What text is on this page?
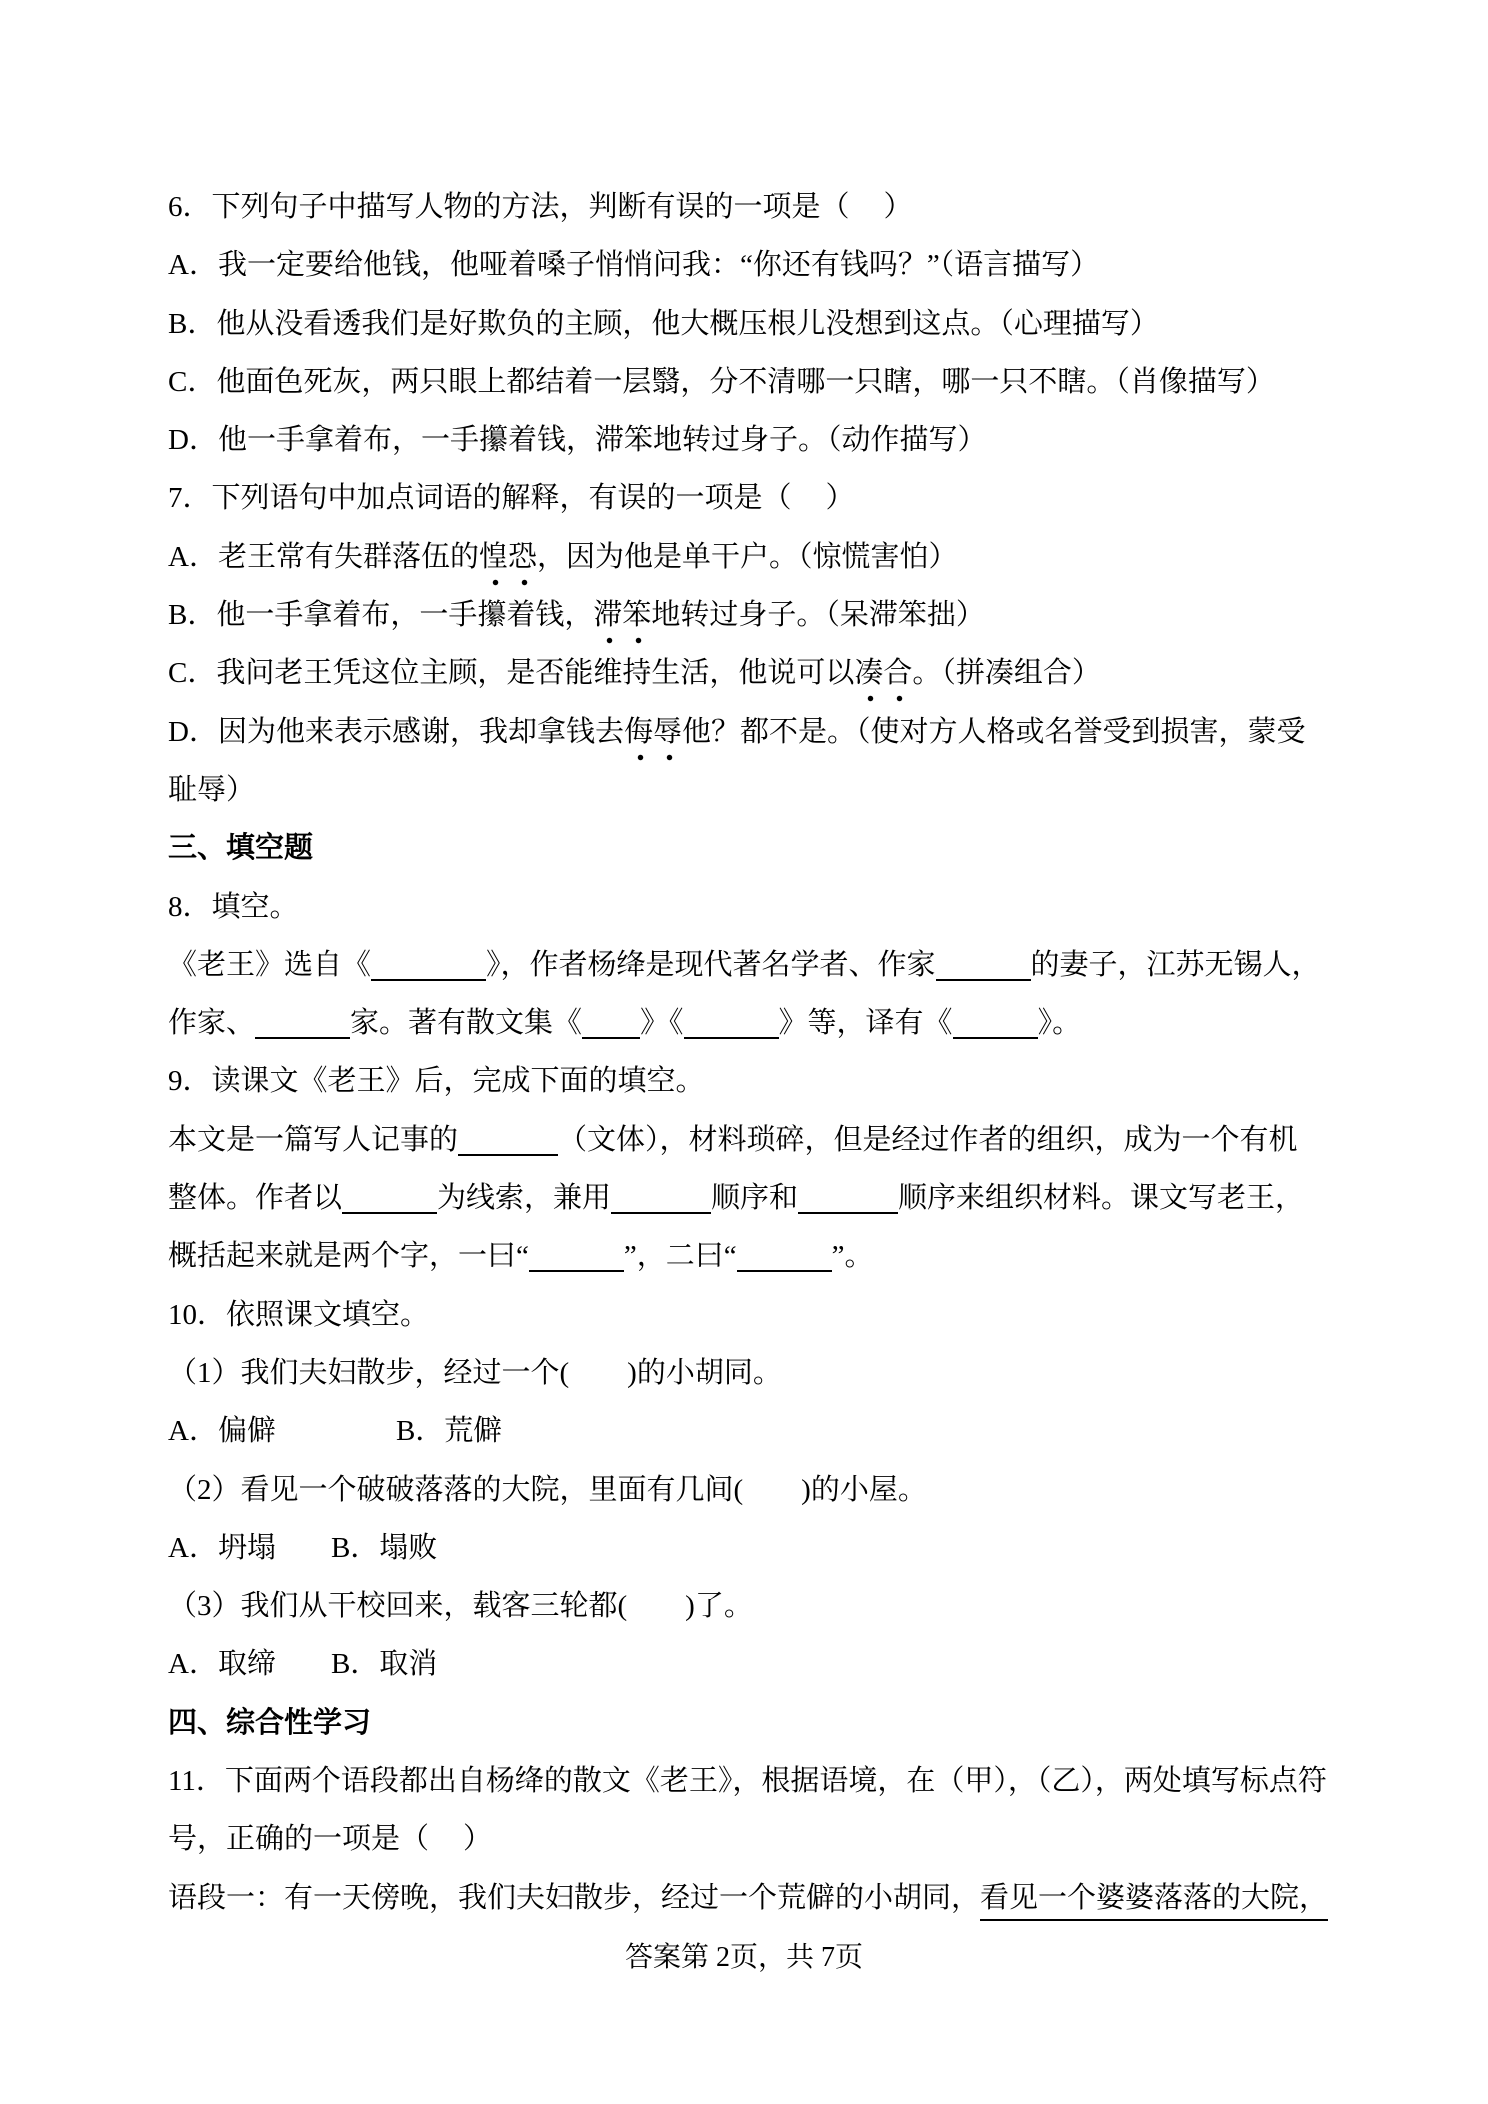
6．下列句子中描写人物的方法，判断有误的一项是（ ）
A．我一定要给他钱，他哑着嗓子悄悄问我：“你还有钱吗？”（语言描写）
B．他从没看透我们是好欺负的主顾，他大概压根儿没想到这点。（心理描写）
C．他面色死灰，两只眼上都结着一层翳，分不清哪一只瞎，哪一只不瞎。（肖像描写）
D．他一手拿着布，一手攥着钱，滞笨地转过身子。（动作描写）
7．下列语句中加点词语的解释，有误的一项是（ ）
A．老王常有失群落伍的惶恐，因为他是单干户。（惊慌害怕）
B．他一手拿着布，一手攥着钱，滞笨地转过身子。（呆滞笨拙）
C．我问老王凭这位主顾，是否能维持生活，他说可以凑合。（拼凑组合）
D．因为他来表示感谢，我却拿钱去侮辱他？都不是。（使对方人格或名誉受到损害，蒙受
耻辱）
三、填空题
8．填空。
《老王》选自《	》，作者杨绛是现代著名学者、作家	的妻子，江苏无锡人，
作家、	家。著有散文集《 》《	》等，译有《	》。
9．读课文《老王》后，完成下面的填空。
本文是一篇写人记事的	（文体），材料琐碎，但是经过作者的组织，成为一个有机
整体。作者以	为线索，兼用	顺序和	顺序来组织材料。课文写老王，
概括起来就是两个字，一曰“	”，二曰“	”。
10．依照课文填空。
（1）我们夫妇散步，经过一个( )的小胡同。
A．偏僻	B．荒僻
（2）看见一个破破落落的大院，里面有几间( )的小屋。
A．坍塌 B．塌败
（3）我们从干校回来，载客三轮都( )了。
A．取缔 B．取消
四、综合性学习
11．下面两个语段都出自杨绛的散文《老王》，根据语境，在（甲），（乙），两处填写标点符
号，正确的一项是（ ）
语段一：有一天傍晚，我们夫妇散步，经过一个荒僻的小胡同，看见一个婆婆落落的大院，
答案第 2页，共 7页
